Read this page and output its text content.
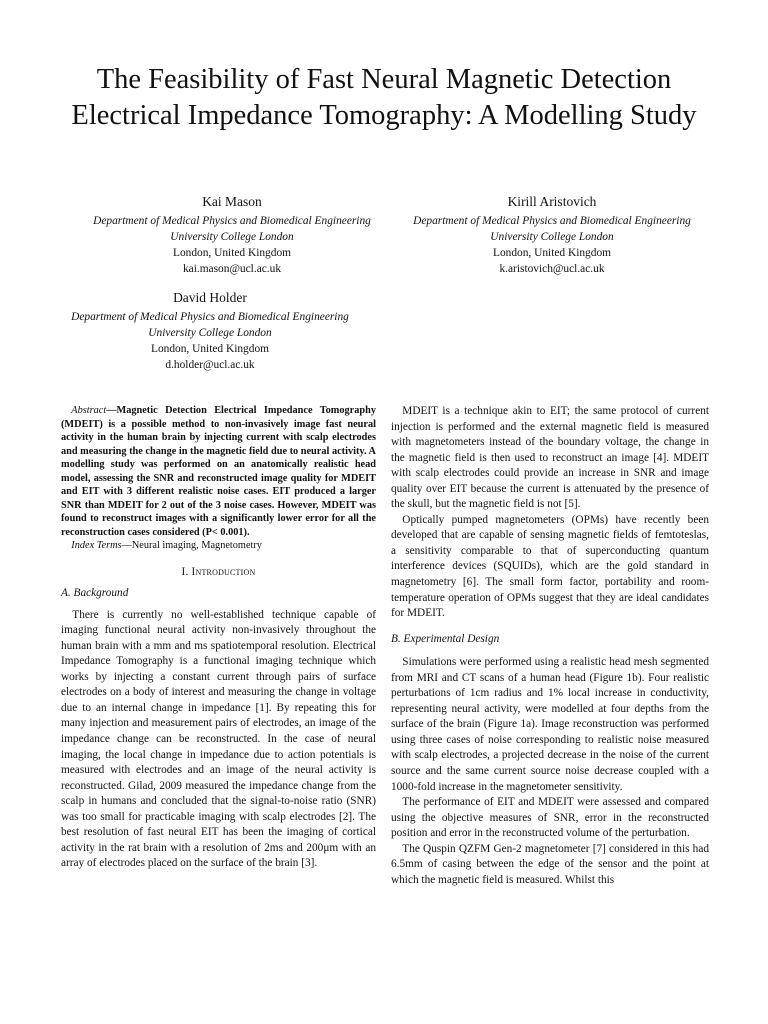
The Feasibility of Fast Neural Magnetic Detection Electrical Impedance Tomography: A Modelling Study
Kai Mason
Department of Medical Physics and Biomedical Engineering
University College London
London, United Kingdom
kai.mason@ucl.ac.uk
Kirill Aristovich
Department of Medical Physics and Biomedical Engineering
University College London
London, United Kingdom
k.aristovich@ucl.ac.uk
David Holder
Department of Medical Physics and Biomedical Engineering
University College London
London, United Kingdom
d.holder@ucl.ac.uk

Abstract—Magnetic Detection Electrical Impedance Tomography (MDEIT) is a possible method to non-invasively image fast neural activity in the human brain by injecting current with scalp electrodes and measuring the change in the magnetic field due to neural activity. A modelling study was performed on an anatomically realistic head model, assessing the SNR and reconstructed image quality for MDEIT and EIT with 3 different realistic noise cases. EIT produced a larger SNR than MDEIT for 2 out of the 3 noise cases. However, MDEIT was found to reconstruct images with a significantly lower error for all the reconstruction cases considered (P< 0.001).

Index Terms—Neural imaging, Magnetometry

I. Introduction
A. Background

There is currently no well-established technique capable of imaging functional neural activity non-invasively throughout the human brain with a mm and ms spatiotemporal resolution. Electrical Impedance Tomography is a functional imaging technique which works by injecting a constant current through pairs of surface electrodes on a body of interest and measuring the change in voltage due to an internal change in impedance [1]. By repeating this for many injection and measurement pairs of electrodes, an image of the impedance change can be reconstructed. In the case of neural imaging, the local change in impedance due to action potentials is measured with electrodes and an image of the neural activity is reconstructed. Gilad, 2009 measured the impedance change from the scalp in humans and concluded that the signal-to-noise ratio (SNR) was too small for practicable imaging with scalp electrodes [2]. The best resolution of fast neural EIT has been the imaging of cortical activity in the rat brain with a resolution of 2ms and 200μm with an array of electrodes placed on the surface of the brain [3].

MDEIT is a technique akin to EIT; the same protocol of current injection is performed and the external magnetic field is measured with magnetometers instead of the boundary voltage, the change in the magnetic field is then used to reconstruct an image [4]. MDEIT with scalp electrodes could provide an increase in SNR and image quality over EIT because the current is attenuated by the presence of the skull, but the magnetic field is not [5].

Optically pumped magnetometers (OPMs) have recently been developed that are capable of sensing magnetic fields of femtoteslas, a sensitivity comparable to that of superconducting quantum interference devices (SQUIDs), which are the gold standard in magnetometry [6]. The small form factor, portability and room-temperature operation of OPMs suggest that they are ideal candidates for MDEIT.

B. Experimental Design

Simulations were performed using a realistic head mesh segmented from MRI and CT scans of a human head (Figure 1b). Four realistic perturbations of 1cm radius and 1% local increase in conductivity, representing neural activity, were modelled at four depths from the surface of the brain (Figure 1a). Image reconstruction was performed using three cases of noise corresponding to realistic noise measured with scalp electrodes, a projected decrease in the noise of the current source and the same current source noise decrease coupled with a 1000-fold increase in the magnetometer sensitivity.

The performance of EIT and MDEIT were assessed and compared using the objective measures of SNR, error in the reconstructed position and error in the reconstructed volume of the perturbation.

The Quspin QZFM Gen-2 magnetometer [7] considered in this had 6.5mm of casing between the edge of the sensor and the point at which the magnetic field is measured. Whilst this
